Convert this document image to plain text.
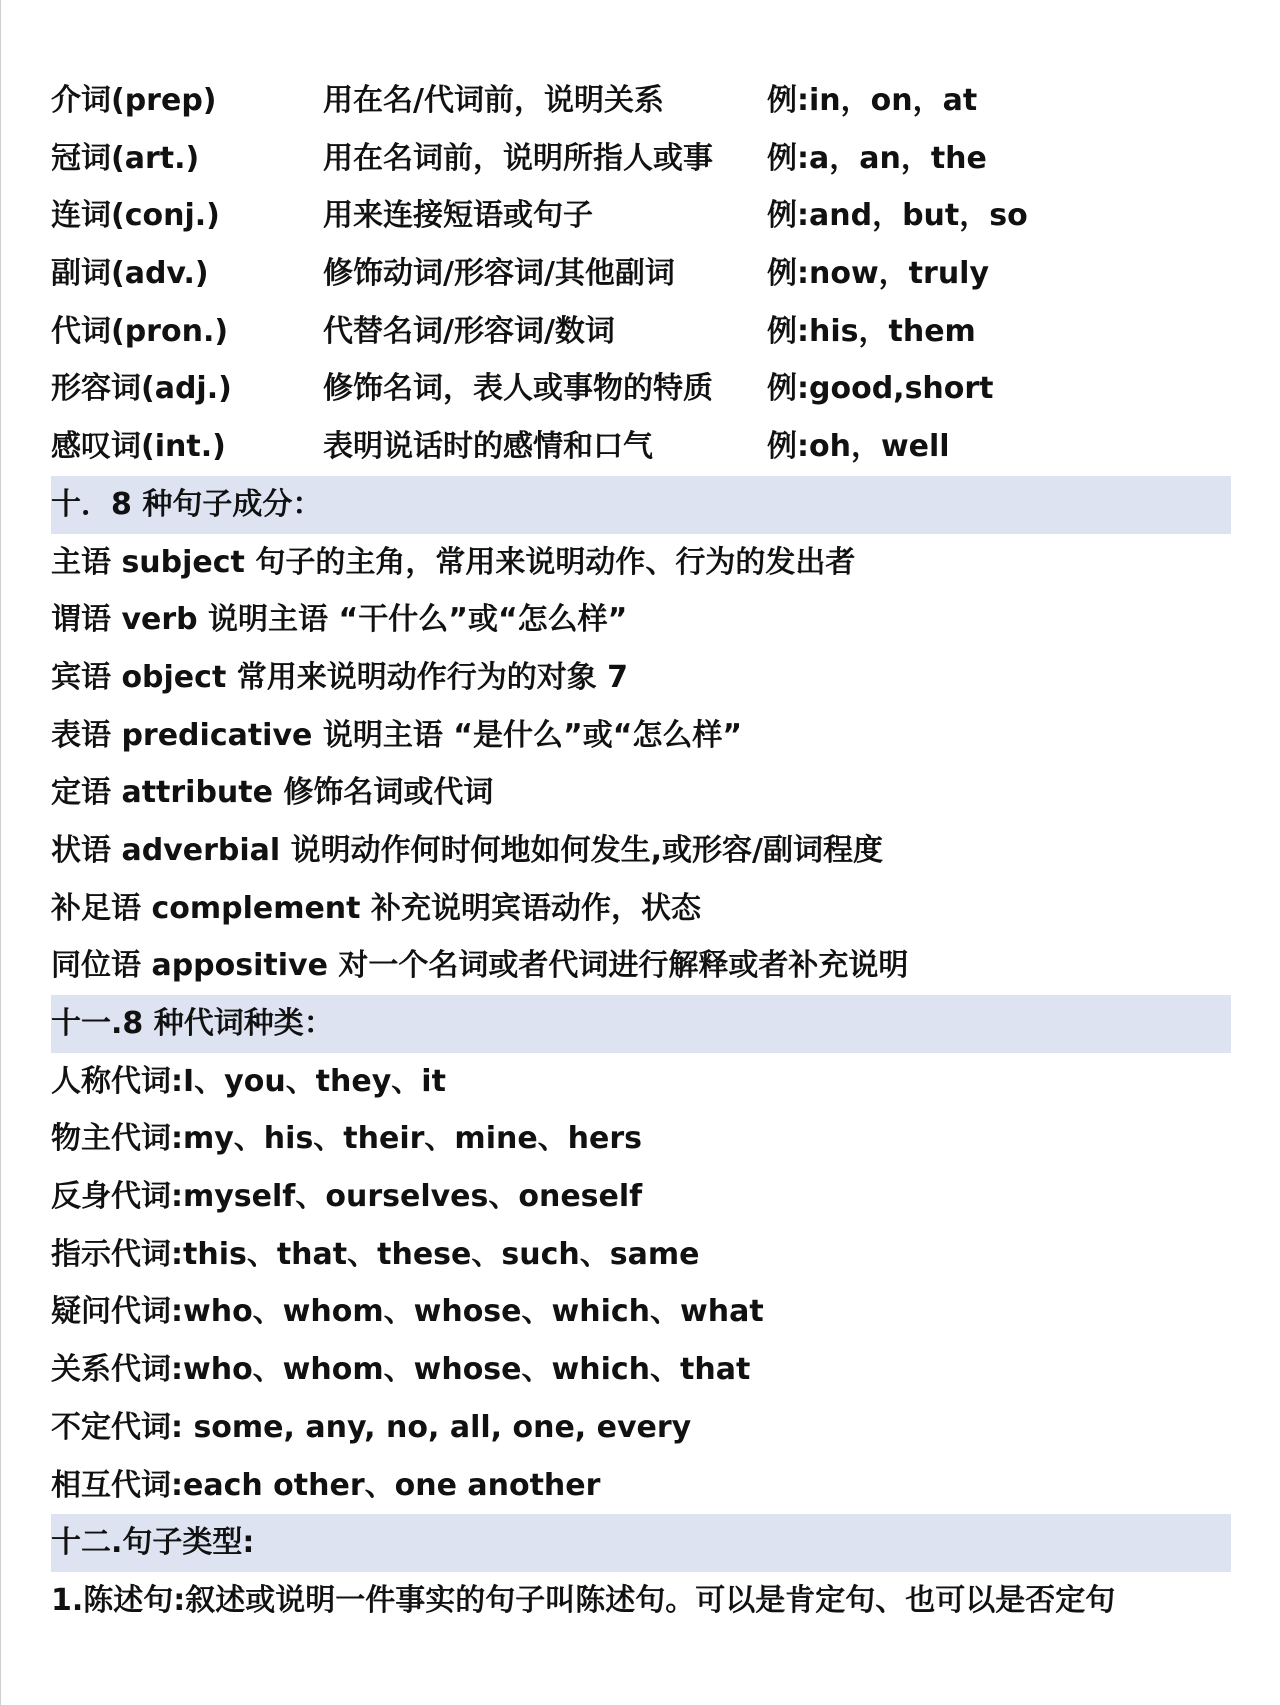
介词(prep)	用在名/代词前，说明关系	例:in，on，at
冠词(art.)	用在名词前，说明所指人或事 例:a，an，the
连词(conj.)	用来连接短语或句子	例:and，but，so
副词(adv.)	修饰动词/形容词/其他副词	例:now，truly
代词(pron.)	代替名词/形容词/数词	例:his，them
形容词(adj.)	修饰名词，表人或事物的特质 例:good,short
感叹词(int.)	表明说话时的感情和口气	例:oh，well
十．8 种句子成分：
主语 subject 句子的主角，常用来说明动作、行为的发出者
谓语 verb 说明主语 “干什么”或“怎么样”
宾语 object 常用来说明动作行为的对象 7
表语 predicative 说明主语 “是什么”或“怎么样”
定语 attribute 修饰名词或代词
状语 adverbial 说明动作何时何地如何发生,或形容/副词程度
补足语 complement 补充说明宾语动作，状态
同位语 appositive 对一个名词或者代词进行解释或者补充说明
十一.8 种代词种类：
人称代词:I、you、they、it
物主代词:my、his、their、mine、hers
反身代词:myself、ourselves、oneself
指示代词:this、that、these、such、same
疑问代词:who、whom、whose、which、what
关系代词:who、whom、whose、which、that
不定代词: some, any, no, all, one, every
相互代词:each other、one another
十二.句子类型:
1.陈述句:叙述或说明一件事实的句子叫陈述句。可以是肯定句、也可以是否定句
